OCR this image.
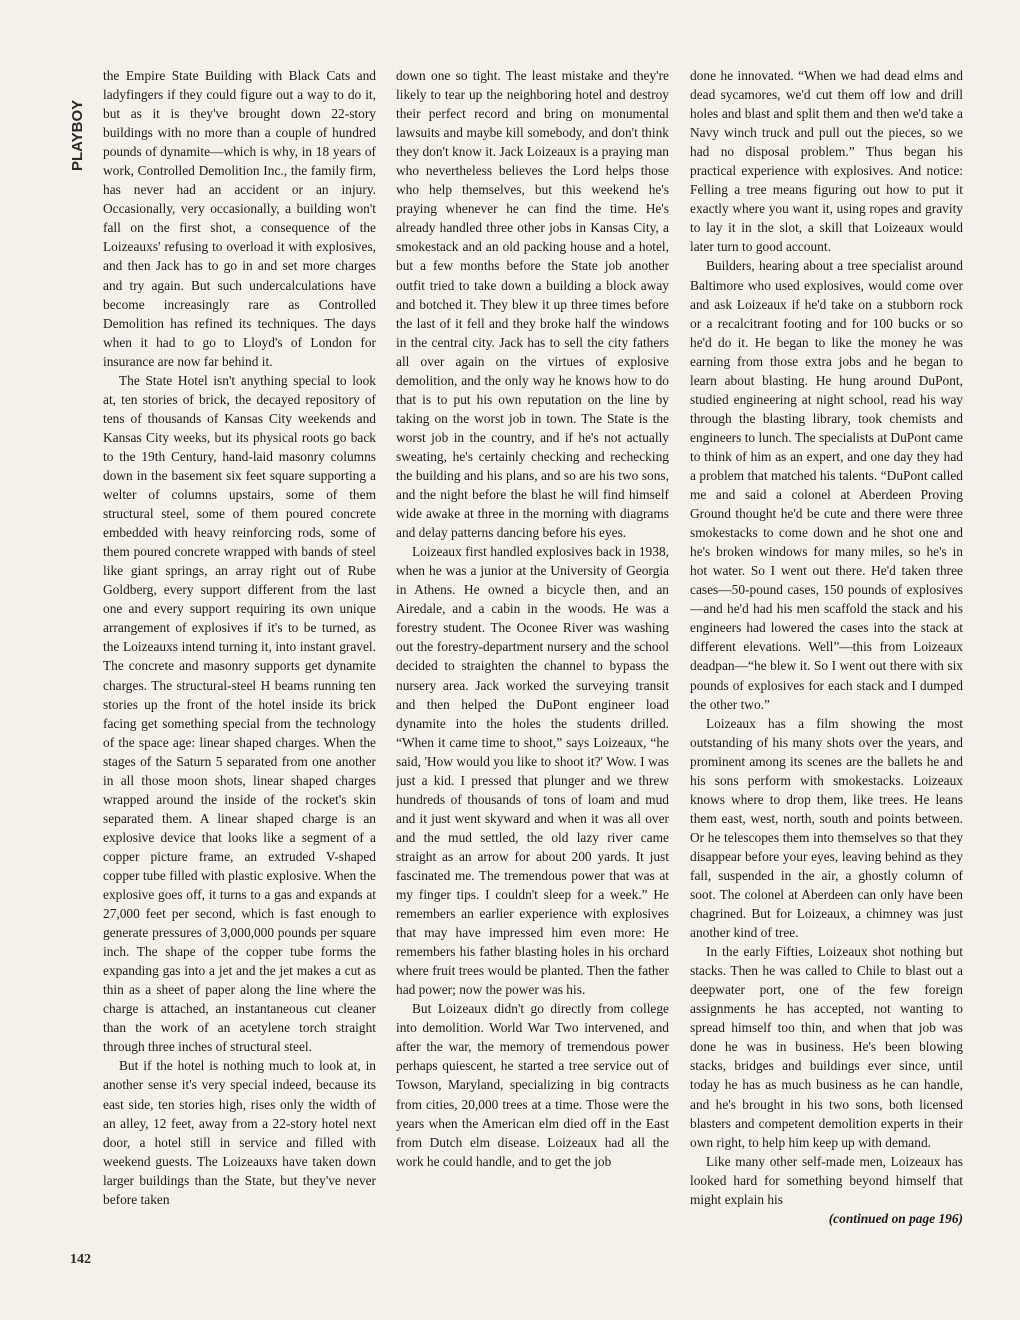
PLAYBOY

the Empire State Building with Black Cats and ladyfingers if they could figure out a way to do it, but as it is they've brought down 22-story buildings with no more than a couple of hundred pounds of dynamite—which is why, in 18 years of work, Controlled Demolition Inc., the family firm, has never had an accident or an injury. Occasionally, very occasionally, a building won't fall on the first shot, a consequence of the Loizeauxs' refusing to overload it with explosives, and then Jack has to go in and set more charges and try again. But such undercalculations have become increasingly rare as Controlled Demolition has refined its techniques. The days when it had to go to Lloyd's of London for insurance are now far behind it.

The State Hotel isn't anything special to look at, ten stories of brick, the decayed repository of tens of thousands of Kansas City weekends and Kansas City weeks, but its physical roots go back to the 19th Century, hand-laid masonry columns down in the basement six feet square supporting a welter of columns upstairs, some of them structural steel, some of them poured concrete embedded with heavy reinforcing rods, some of them poured concrete wrapped with bands of steel like giant springs, an array right out of Rube Goldberg, every support different from the last one and every support requiring its own unique arrangement of explosives if it's to be turned, as the Loizeauxs intend turning it, into instant gravel. The concrete and masonry supports get dynamite charges. The structural-steel H beams running ten stories up the front of the hotel inside its brick facing get something special from the technology of the space age: linear shaped charges. When the stages of the Saturn 5 separated from one another in all those moon shots, linear shaped charges wrapped around the inside of the rocket's skin separated them. A linear shaped charge is an explosive device that looks like a segment of a copper picture frame, an extruded V-shaped copper tube filled with plastic explosive. When the explosive goes off, it turns to a gas and expands at 27,000 feet per second, which is fast enough to generate pressures of 3,000,000 pounds per square inch. The shape of the copper tube forms the expanding gas into a jet and the jet makes a cut as thin as a sheet of paper along the line where the charge is attached, an instantaneous cut cleaner than the work of an acetylene torch straight through three inches of structural steel.

But if the hotel is nothing much to look at, in another sense it's very special indeed, because its east side, ten stories high, rises only the width of an alley, 12 feet, away from a 22-story hotel next door, a hotel still in service and filled with weekend guests. The Loizeauxs have taken down larger buildings than the State, but they've never before taken

down one so tight. The least mistake and they're likely to tear up the neighboring hotel and destroy their perfect record and bring on monumental lawsuits and maybe kill somebody, and don't think they don't know it. Jack Loizeaux is a praying man who nevertheless believes the Lord helps those who help themselves, but this weekend he's praying whenever he can find the time. He's already handled three other jobs in Kansas City, a smokestack and an old packing house and a hotel, but a few months before the State job another outfit tried to take down a building a block away and botched it. They blew it up three times before the last of it fell and they broke half the windows in the central city. Jack has to sell the city fathers all over again on the virtues of explosive demolition, and the only way he knows how to do that is to put his own reputation on the line by taking on the worst job in town. The State is the worst job in the country, and if he's not actually sweating, he's certainly checking and rechecking the building and his plans, and so are his two sons, and the night before the blast he will find himself wide awake at three in the morning with diagrams and delay patterns dancing before his eyes.

Loizeaux first handled explosives back in 1938, when he was a junior at the University of Georgia in Athens. He owned a bicycle then, and an Airedale, and a cabin in the woods. He was a forestry student. The Oconee River was washing out the forestry-department nursery and the school decided to straighten the channel to bypass the nursery area. Jack worked the surveying transit and then helped the DuPont engineer load dynamite into the holes the students drilled. “When it came time to shoot,” says Loizeaux, “he said, 'How would you like to shoot it?' Wow. I was just a kid. I pressed that plunger and we threw hundreds of thousands of tons of loam and mud and it just went skyward and when it was all over and the mud settled, the old lazy river came straight as an arrow for about 200 yards. It just fascinated me. The tremendous power that was at my finger tips. I couldn't sleep for a week.” He remembers an earlier experience with explosives that may have impressed him even more: He remembers his father blasting holes in his orchard where fruit trees would be planted. Then the father had power; now the power was his.

But Loizeaux didn't go directly from college into demolition. World War Two intervened, and after the war, the memory of tremendous power perhaps quiescent, he started a tree service out of Towson, Maryland, specializing in big contracts from cities, 20,000 trees at a time. Those were the years when the American elm died off in the East from Dutch elm disease. Loizeaux had all the work he could handle, and to get the job

done he innovated. “When we had dead elms and dead sycamores, we'd cut them off low and drill holes and blast and split them and then we'd take a Navy winch truck and pull out the pieces, so we had no disposal problem.” Thus began his practical experience with explosives. And notice: Felling a tree means figuring out how to put it exactly where you want it, using ropes and gravity to lay it in the slot, a skill that Loizeaux would later turn to good account.

Builders, hearing about a tree specialist around Baltimore who used explosives, would come over and ask Loizeaux if he'd take on a stubborn rock or a recalcitrant footing and for 100 bucks or so he'd do it. He began to like the money he was earning from those extra jobs and he began to learn about blasting. He hung around DuPont, studied engineering at night school, read his way through the blasting library, took chemists and engineers to lunch. The specialists at DuPont came to think of him as an expert, and one day they had a problem that matched his talents. “DuPont called me and said a colonel at Aberdeen Proving Ground thought he'd be cute and there were three smokestacks to come down and he shot one and he's broken windows for many miles, so he's in hot water. So I went out there. He'd taken three cases—50-pound cases, 150 pounds of explosives—and he'd had his men scaffold the stack and his engineers had lowered the cases into the stack at different elevations. Well”—this from Loizeaux deadpan—“he blew it. So I went out there with six pounds of explosives for each stack and I dumped the other two.”

Loizeaux has a film showing the most outstanding of his many shots over the years, and prominent among its scenes are the ballets he and his sons perform with smokestacks. Loizeaux knows where to drop them, like trees. He leans them east, west, north, south and points between. Or he telescopes them into themselves so that they disappear before your eyes, leaving behind as they fall, suspended in the air, a ghostly column of soot. The colonel at Aberdeen can only have been chagrined. But for Loizeaux, a chimney was just another kind of tree.

In the early Fifties, Loizeaux shot nothing but stacks. Then he was called to Chile to blast out a deepwater port, one of the few foreign assignments he has accepted, not wanting to spread himself too thin, and when that job was done he was in business. He's been blowing stacks, bridges and buildings ever since, until today he has as much business as he can handle, and he's brought in his two sons, both licensed blasters and competent demolition experts in their own right, to help him keep up with demand.

Like many other self-made men, Loizeaux has looked hard for something beyond himself that might explain his

(continued on page 196)

142
